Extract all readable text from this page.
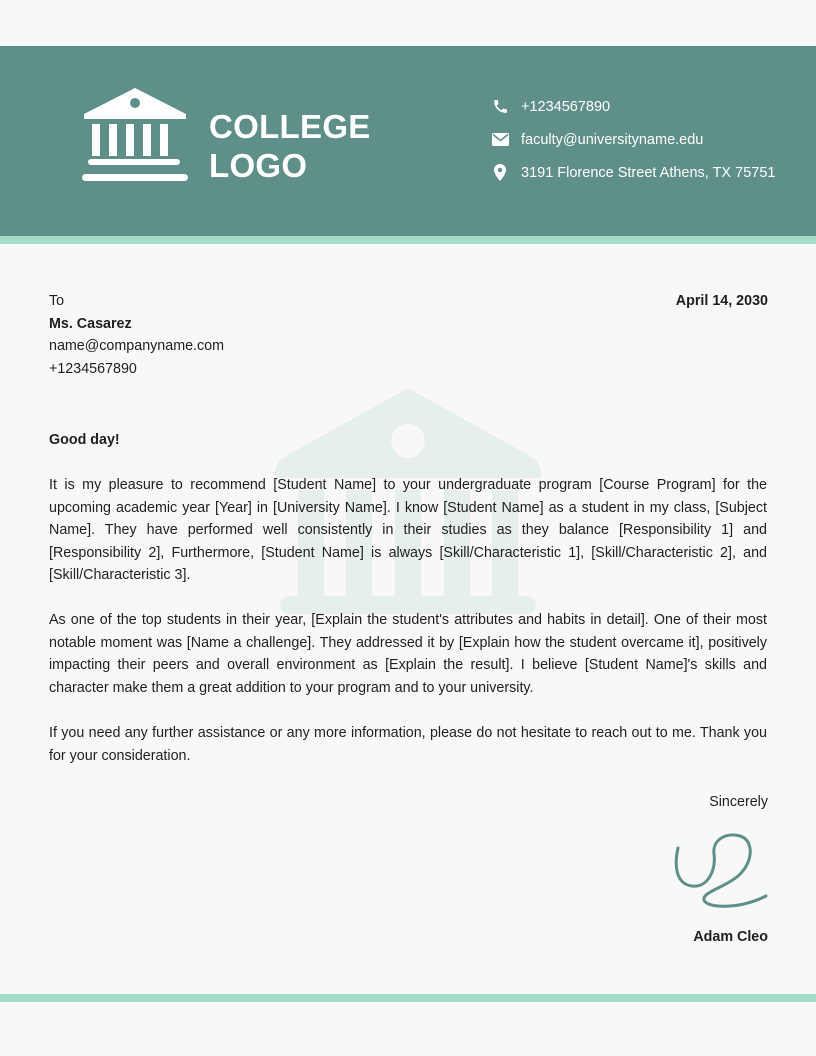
COLLEGE
LOGO
+1234567890
faculty@universityname.edu
3191 Florence Street Athens, TX 75751
To
Ms. Casarez
name@companyname.com
+1234567890
April 14, 2030
Good day!
It is my pleasure to recommend [Student Name] to your undergraduate program [Course Program] for the upcoming academic year [Year] in [University Name]. I know [Student Name] as a student in my class, [Subject Name]. They have performed well consistently in their studies as they balance [Responsibility 1] and [Responsibility 2], Furthermore, [Student Name] is always [Skill/Characteristic 1], [Skill/Characteristic 2], and [Skill/Characteristic 3].
As one of the top students in their year, [Explain the student's attributes and habits in detail]. One of their most notable moment was [Name a challenge]. They addressed it by [Explain how the student overcame it], positively impacting their peers and overall environment as [Explain the result]. I believe [Student Name]'s skills and character make them a great addition to your program and to your university.
If you need any further assistance or any more information, please do not hesitate to reach out to me. Thank you for your consideration.
Sincerely
Adam Cleo
